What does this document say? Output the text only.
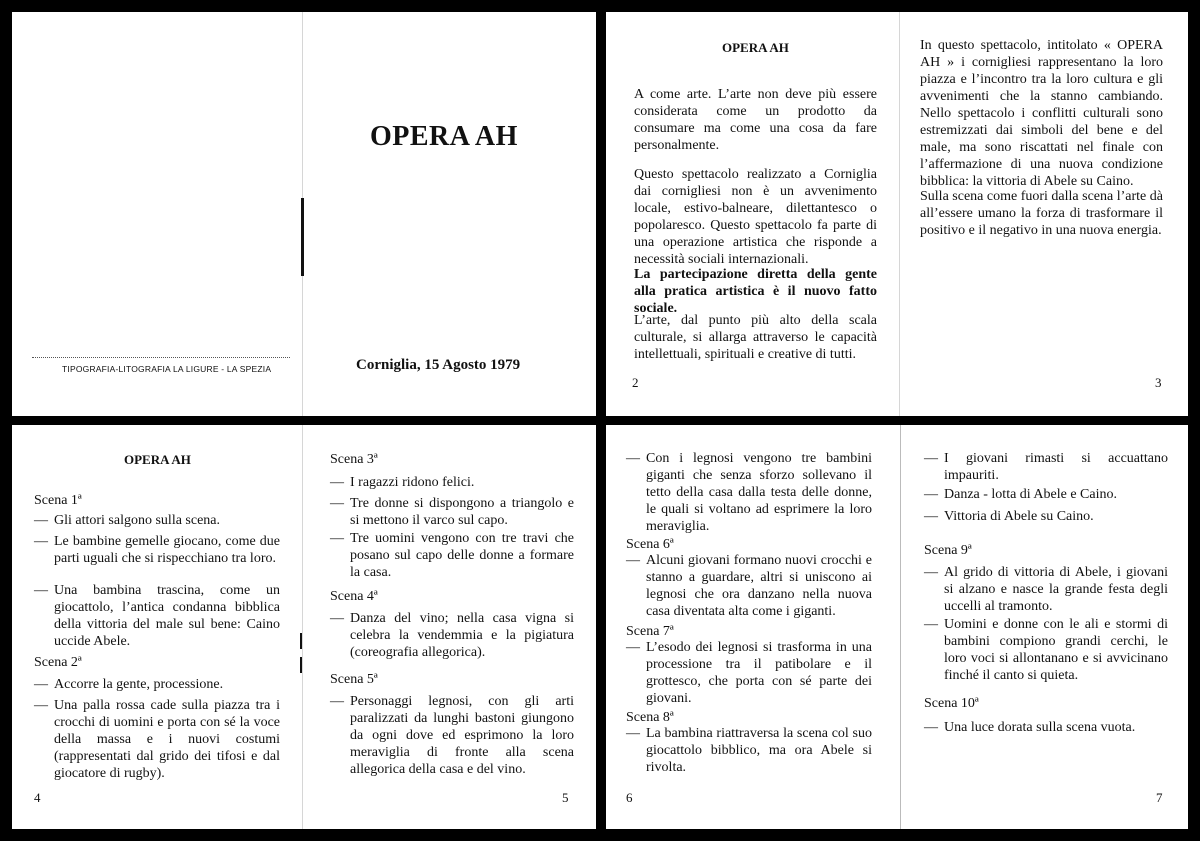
TIPOGRAFIA-LITOGRAFIA LA LIGURE - LA SPEZIA

OPERA AH

Corniglia, 15 Agosto 1979

OPERA AH

A come arte. L’arte non deve più essere considerata come un prodotto da consumare ma come una cosa da fare personalmente.

Questo spettacolo realizzato a Corniglia dai cornigliesi non è un avvenimento locale, estivo-balneare, dilettantesco o popolaresco. Questo spettacolo fa parte di una operazione artistica che risponde a necessità sociali internazionali.

La partecipazione diretta della gente alla pratica artistica è il nuovo fatto sociale.

L’arte, dal punto più alto della scala culturale, si allarga attraverso le capacità intellettuali, spirituali e creative di tutti.

In questo spettacolo, intitolato « OPERA AH » i cornigliesi rappresentano la loro piazza e l’incontro tra la loro cultura e gli avvenimenti che la stanno cambiando. Nello spettacolo i conflitti culturali sono estremizzati dai simboli del bene e del male, ma sono riscattati nel finale con l’affermazione di una nuova condizione bibblica: la vittoria di Abele su Caino.

Sulla scena come fuori dalla scena l’arte dà all’essere umano la forza di trasformare il positivo e il negativo in una nuova energia.

2	3

OPERA AH

Scena 1ª

— Gli attori salgono sulla scena.
— Le bambine gemelle giocano, come due parti uguali che si rispecchiano tra loro.
— Una bambina trascina, come un giocattolo, l’antica condanna bibblica della vittoria del male sul bene: Caino uccide Abele.

Scena 2ª

— Accorre la gente, processione.
— Una palla rossa cade sulla piazza tra i crocchi di uomini e porta con sé la voce della massa e i nuovi costumi (rappresentati dal grido dei tifosi e dal giocatore di rugby).

Scena 3ª

— I ragazzi ridono felici.
— Tre donne si dispongono a triangolo e si mettono il varco sul capo.
— Tre uomini vengono con tre travi che posano sul capo delle donne a formare la casa.

Scena 4ª

— Danza del vino; nella casa vigna si celebra la vendemmia e la pigiatura (coreografia allegorica).

Scena 5ª

— Personaggi legnosi, con gli arti paralizzati da lunghi bastoni giungono da ogni dove ed esprimono la loro meraviglia di fronte alla scena allegorica della casa e del vino.

4	5

— Con i legnosi vengono tre bambini giganti che senza sforzo sollevano il tetto della casa dalla testa delle donne, le quali si voltano ad esprimere la loro meraviglia.

Scena 6ª

— Alcuni giovani formano nuovi crocchi e stanno a guardare, altri si uniscono ai legnosi che ora danzano nella nuova casa diventata alta come i giganti.

Scena 7ª

— L’esodo dei legnosi si trasforma in una processione tra il patibolare e il grottesco, che porta con sé parte dei giovani.

Scena 8ª

— La bambina riattraversa la scena col suo giocattolo bibblico, ma ora Abele si rivolta.
— I giovani rimasti si accuattano impauriti.
— Danza - lotta di Abele e Caino.
— Vittoria di Abele su Caino.

Scena 9ª

— Al grido di vittoria di Abele, i giovani si alzano e nasce la grande festa degli uccelli al tramonto.
— Uomini e donne con le ali e stormi di bambini compiono grandi cerchi, le loro voci si allontanano e si avvicinano finché il canto si quieta.

Scena 10ª

— Una luce dorata sulla scena vuota.

6	7
